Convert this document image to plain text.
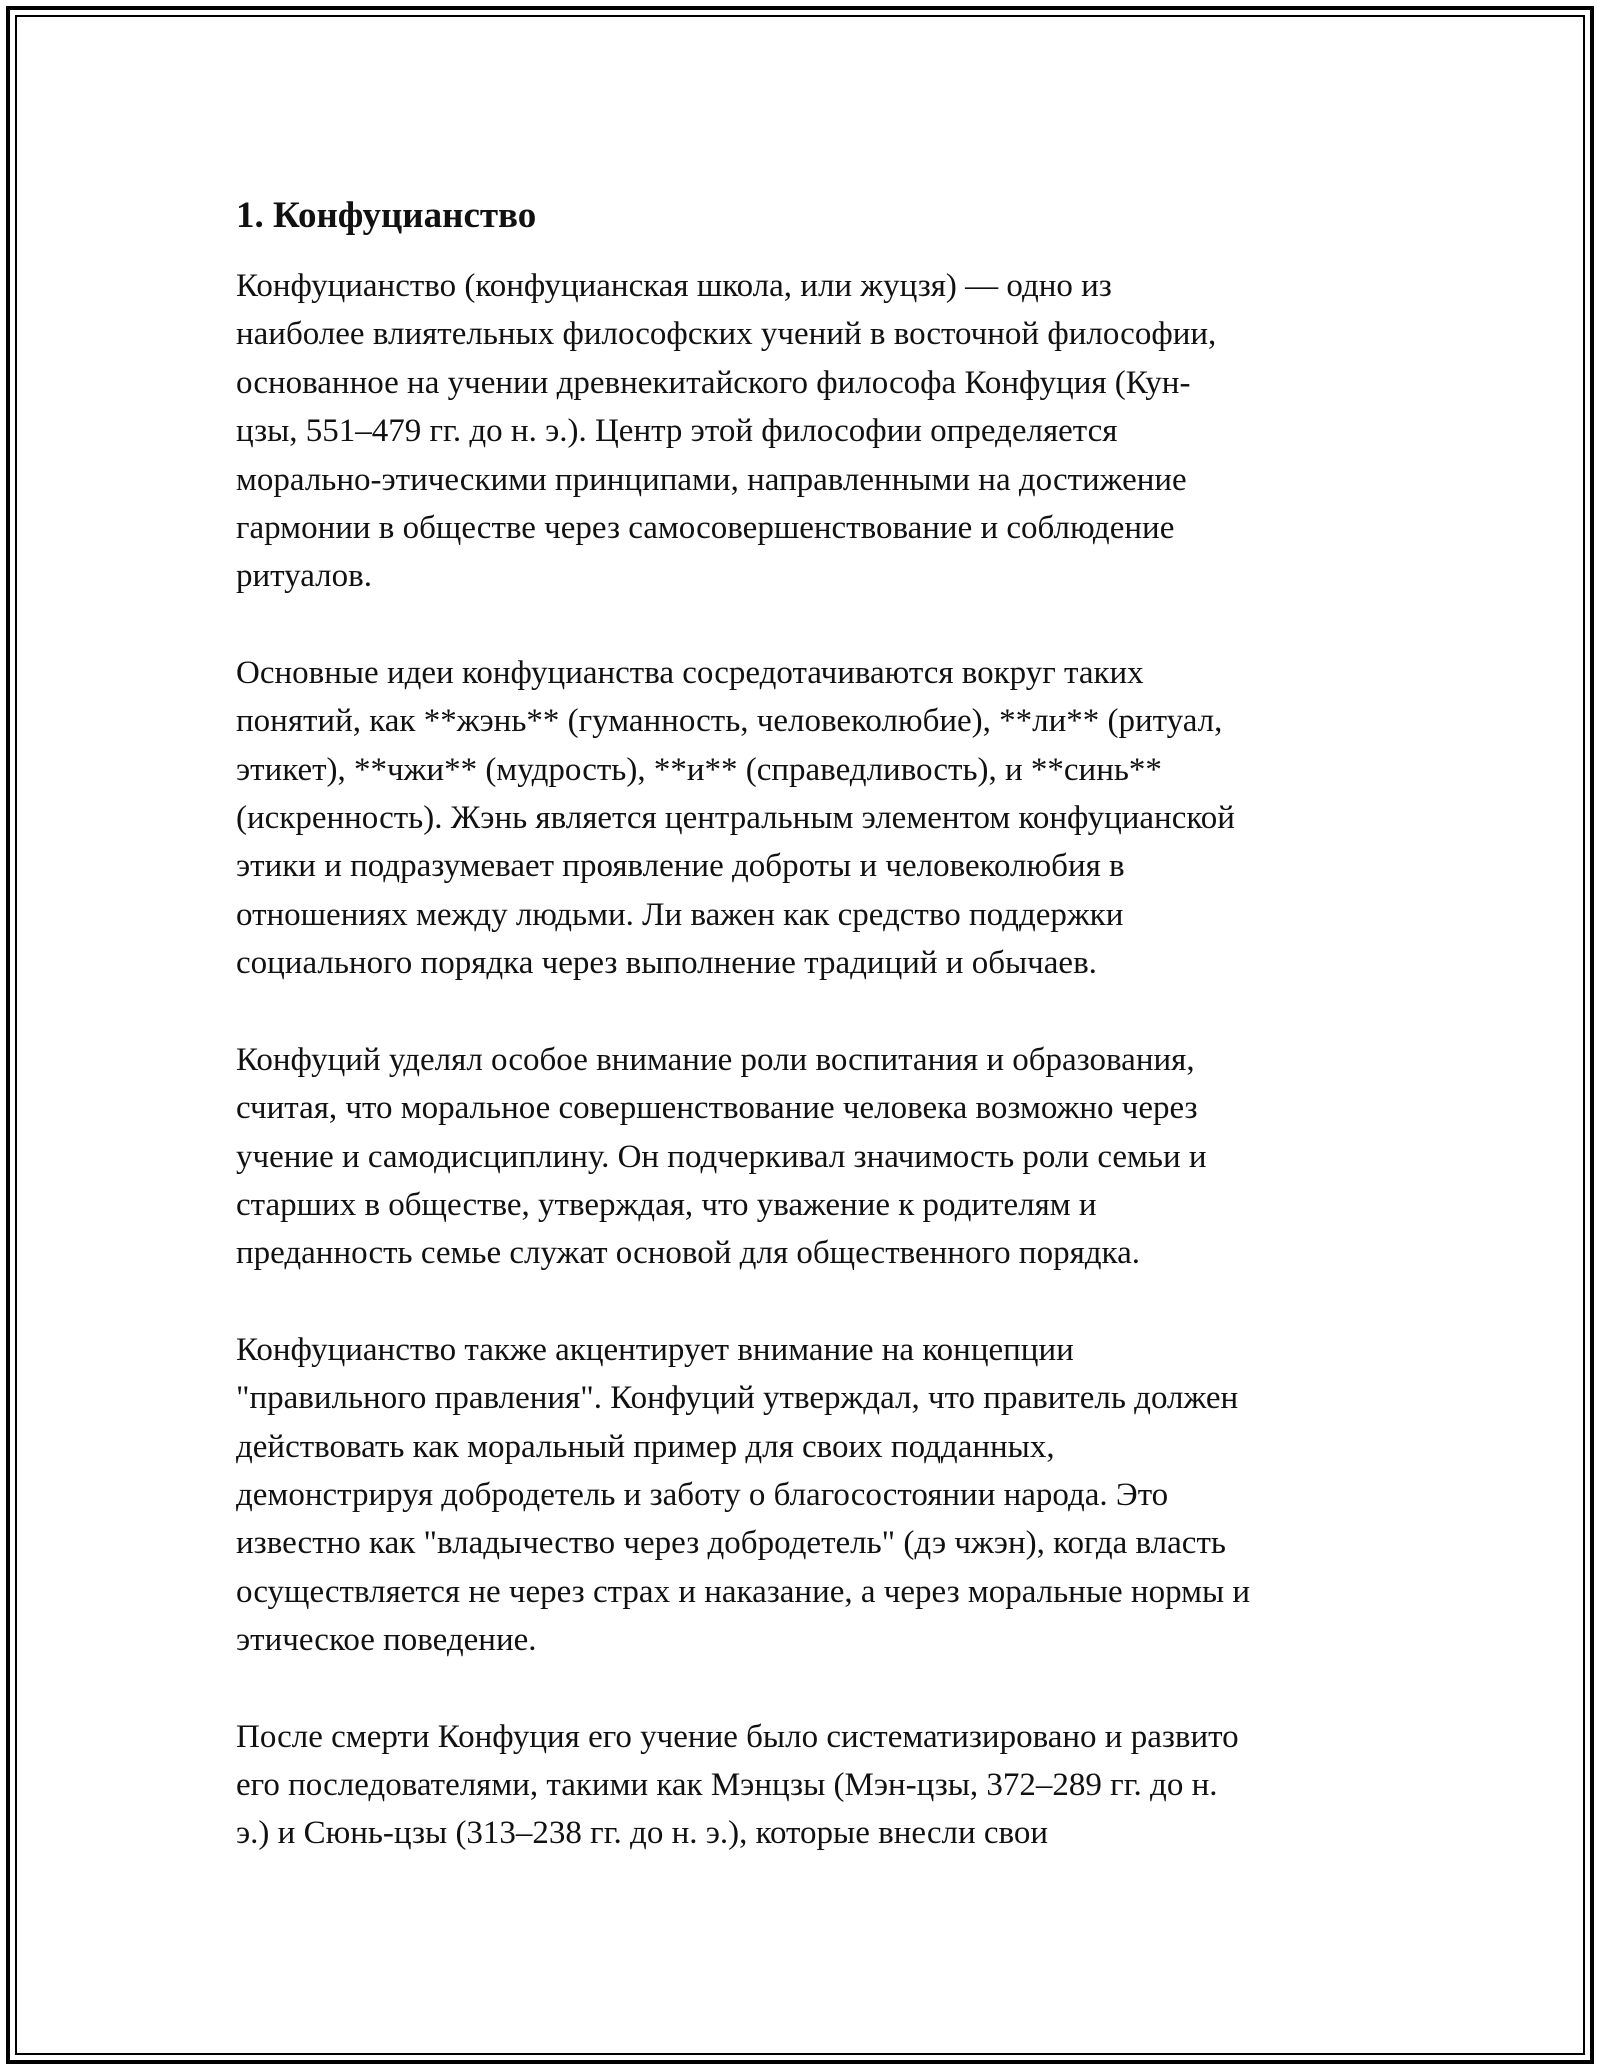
1. Конфуцианство
Конфуцианство (конфуцианская школа, или жуцзя) — одно из
наиболее влиятельных философских учений в восточной философии,
основанное на учении древнекитайского философа Конфуция (Кун-
цзы, 551–479 гг. до н. э.). Центр этой философии определяется
морально-этическими принципами, направленными на достижение
гармонии в обществе через самосовершенствование и соблюдение
ритуалов.
Основные идеи конфуцианства сосредотачиваются вокруг таких
понятий, как **жэнь** (гуманность, человеколюбие), **ли** (ритуал,
этикет), **чжи** (мудрость), **и** (справедливость), и **синь**
(искренность). Жэнь является центральным элементом конфуцианской
этики и подразумевает проявление доброты и человеколюбия в
отношениях между людьми. Ли важен как средство поддержки
социального порядка через выполнение традиций и обычаев.
Конфуций уделял особое внимание роли воспитания и образования,
считая, что моральное совершенствование человека возможно через
учение и самодисциплину. Он подчеркивал значимость роли семьи и
старших в обществе, утверждая, что уважение к родителям и
преданность семье служат основой для общественного порядка.
Конфуцианство также акцентирует внимание на концепции
"правильного правления". Конфуций утверждал, что правитель должен
действовать как моральный пример для своих подданных,
демонстрируя добродетель и заботу о благосостоянии народа. Это
известно как "владычество через добродетель" (дэ чжэн), когда власть
осуществляется не через страх и наказание, а через моральные нормы и
этическое поведение.
После смерти Конфуция его учение было систематизировано и развито
его последователями, такими как Мэнцзы (Мэн-цзы, 372–289 гг. до н.
э.) и Сюнь-цзы (313–238 гг. до н. э.), которые внесли свои
